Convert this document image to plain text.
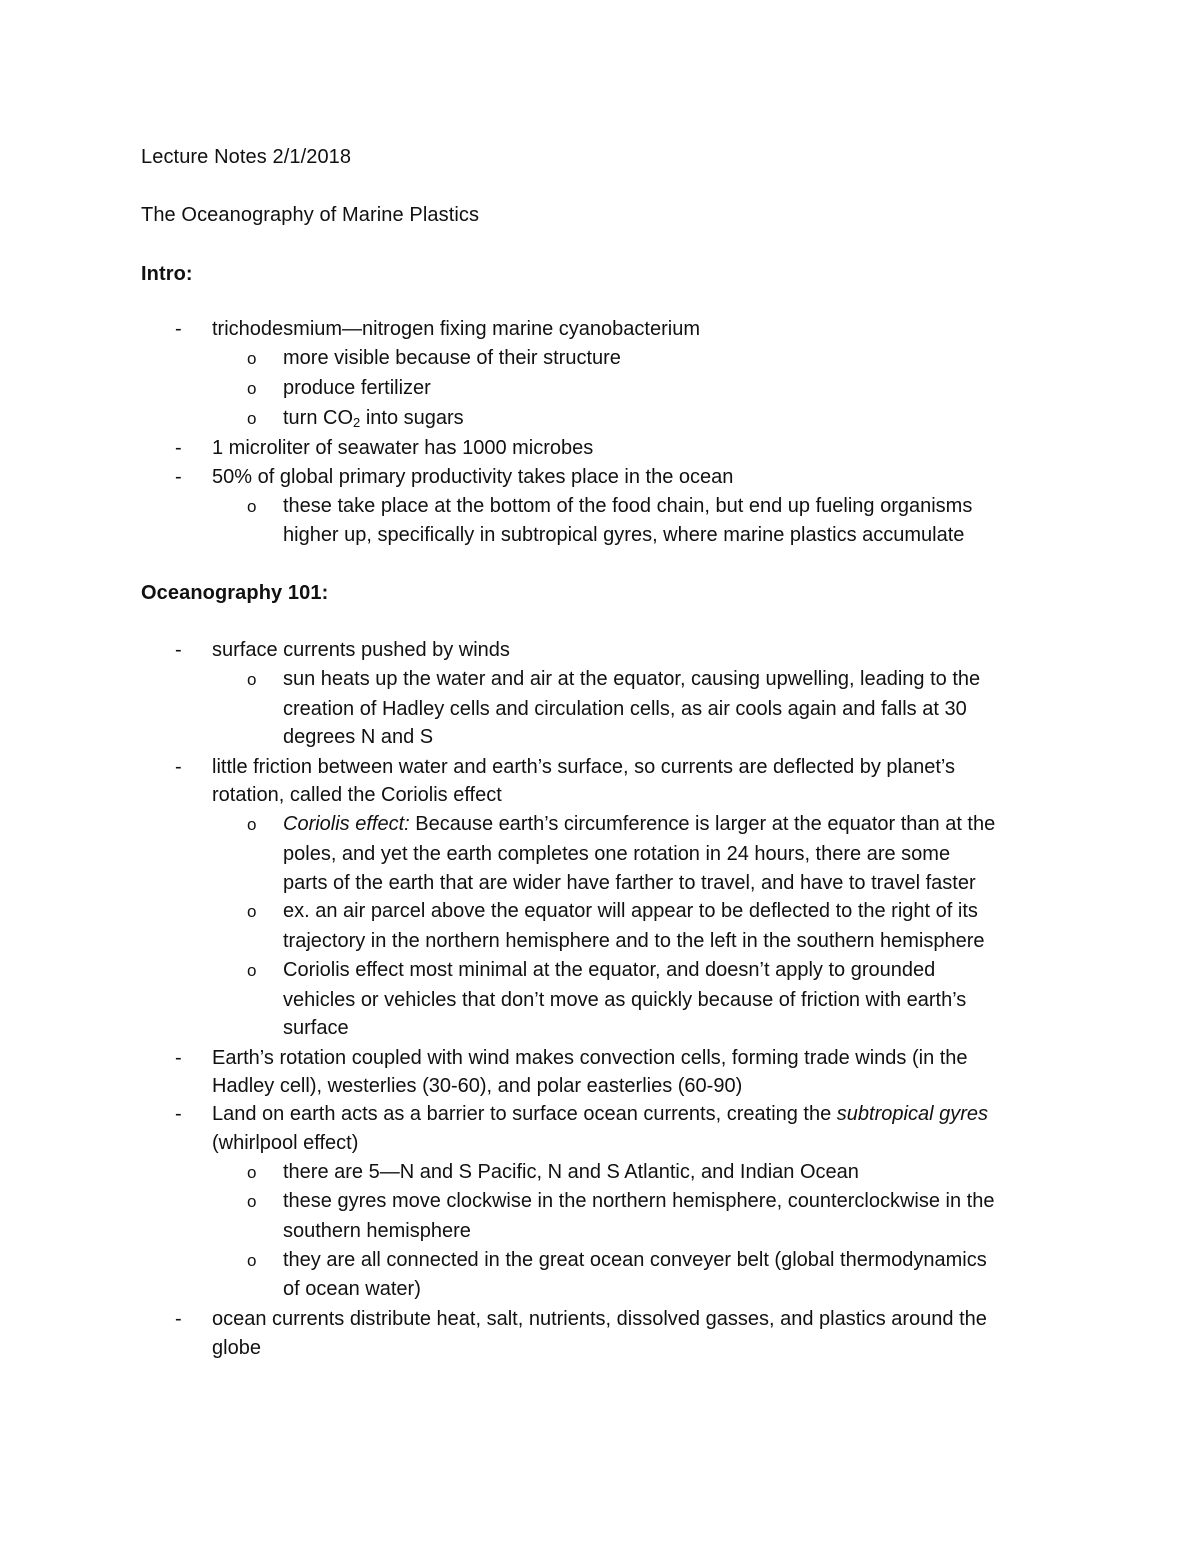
Lecture Notes 2/1/2018
The Oceanography of Marine Plastics
Intro:
- trichodesmium—nitrogen fixing marine cyanobacterium
o more visible because of their structure
o produce fertilizer
o turn $CO_2$ into sugars
- 1 microliter of seawater has 1000 microbes
- 50% of global primary productivity takes place in the ocean
o these take place at the bottom of the food chain, but end up fueling organisms
higher up, specifically in subtropical gyres, where marine plastics accumulate
Oceanography 101:
- surface currents pushed by winds
o sun heats up the water and air at the equator, causing upwelling, leading to the
creation of Hadley cells and circulation cells, as air cools again and falls at 30
degrees N and S
- little friction between water and earth’s surface, so currents are deflected by planet’s
rotation, called the Coriolis effect
o Coriolis effect: Because earth’s circumference is larger at the equator than at the
poles, and yet the earth completes one rotation in 24 hours, there are some
parts of the earth that are wider have farther to travel, and have to travel faster
o ex. an air parcel above the equator will appear to be deflected to the right of its
trajectory in the northern hemisphere and to the left in the southern hemisphere
o Coriolis effect most minimal at the equator, and doesn’t apply to grounded
vehicles or vehicles that don’t move as quickly because of friction with earth’s
surface
- Earth’s rotation coupled with wind makes convection cells, forming trade winds (in the
Hadley cell), westerlies (30-60), and polar easterlies (60-90)
- Land on earth acts as a barrier to surface ocean currents, creating the subtropical gyres
(whirlpool effect)
o there are 5—N and S Pacific, N and S Atlantic, and Indian Ocean
o these gyres move clockwise in the northern hemisphere, counterclockwise in the
southern hemisphere
o they are all connected in the great ocean conveyer belt (global thermodynamics
of ocean water)
- ocean currents distribute heat, salt, nutrients, dissolved gasses, and plastics around the
globe
